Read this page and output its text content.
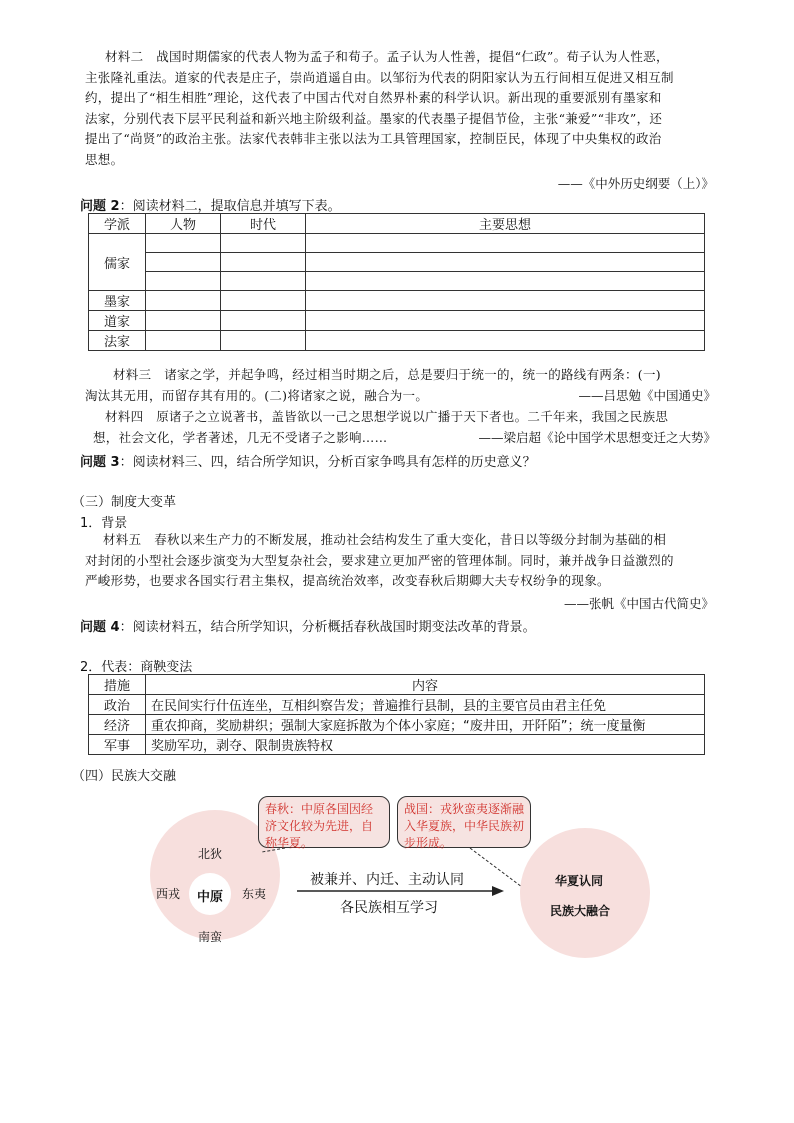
材料二　战国时期儒家的代表人物为孟子和荀子。孟子认为人性善，提倡“仁政”。荀子认为人性恶，
主张隆礼重法。道家的代表是庄子，崇尚逍遥自由。以邹衍为代表的阴阳家认为五行间相互促进又相互制
约，提出了“相生相胜”理论，这代表了中国古代对自然界朴素的科学认识。新出现的重要派别有墨家和
法家，分别代表下层平民利益和新兴地主阶级利益。墨家的代表墨子提倡节俭，主张“兼爱”“非攻”，还
提出了“尚贤”的政治主张。法家代表韩非主张以法为工具管理国家，控制臣民，体现了中央集权的政治
思想。
——《中外历史纲要（上）》
问题 2：阅读材料二，提取信息并填写下表。
学派	人物	时代	主要思想
儒家			

墨家			
道家			
法家			
材料三　诸家之学，并起争鸣，经过相当时期之后，总是要归于统一的，统一的路线有两条：(一)
淘汰其无用，而留存其有用的。(二)将诸家之说，融合为一。	——吕思勉《中国通史》
材料四　原诸子之立说著书，盖皆欲以一己之思想学说以广播于天下者也。二千年来，我国之民族思
想，社会文化，学者著述，几无不受诸子之影响……	——梁启超《论中国学术思想变迁之大势》
问题 3：阅读材料三、四，结合所学知识，分析百家争鸣具有怎样的历史意义？
（三）制度大变革
1．背景
材料五　春秋以来生产力的不断发展，推动社会结构发生了重大变化，昔日以等级分封制为基础的相
对封闭的小型社会逐步演变为大型复杂社会，要求建立更加严密的管理体制。同时，兼并战争日益激烈的
严峻形势，也要求各国实行君主集权，提高统治效率，改变春秋后期卿大夫专权纷争的现象。
——张帆《中国古代简史》
问题 4：阅读材料五，结合所学知识，分析概括春秋战国时期变法改革的背景。
2．代表：商鞅变法
措施	内容
政治	在民间实行什伍连坐，互相纠察告发；普遍推行县制，县的主要官员由君主任免
经济	重农抑商，奖励耕织；强制大家庭拆散为个体小家庭；“废井田，开阡陌”；统一度量衡
军事	奖励军功，剥夺、限制贵族特权
（四）民族大交融
北狄
西戎	东夷
南蛮
中原
春秋：中原各国因经济文化较为先进，自称华夏。
战国：戎狄蛮夷逐渐融入华夏族，中华民族初步形成。
被兼并、内迁、主动认同
各民族相互学习
华夏认同
民族大融合
